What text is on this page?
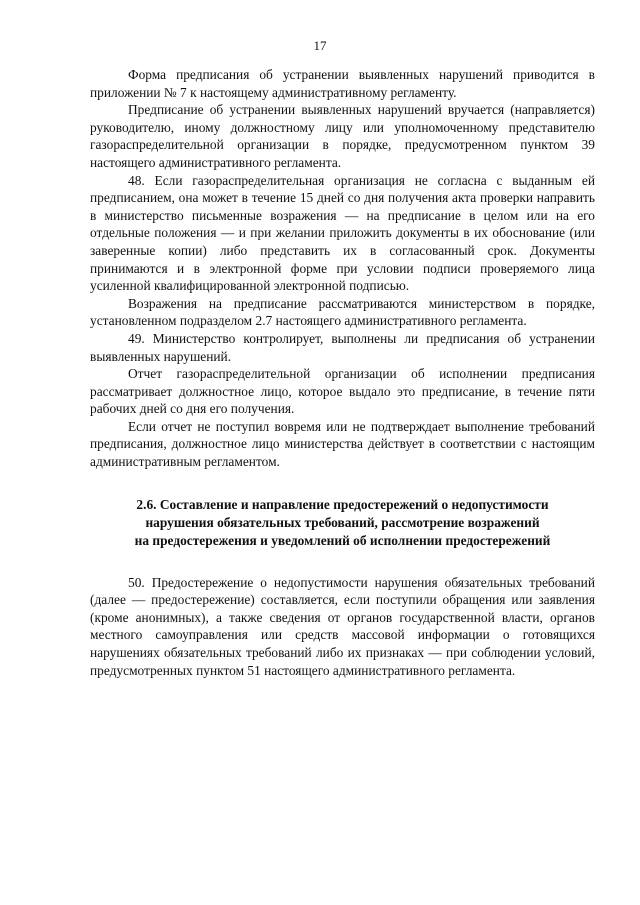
17

Форма предписания об устранении выявленных нарушений приводится в приложении № 7 к настоящему административному регламенту.

Предписание об устранении выявленных нарушений вручается (направляется) руководителю, иному должностному лицу или уполномоченному представителю газораспределительной организации в порядке, предусмотренном пунктом 39 настоящего административного регламента.

48. Если газораспределительная организация не согласна с выданным ей предписанием, она может в течение 15 дней со дня получения акта проверки направить в министерство письменные возражения — на предписание в целом или на его отдельные положения — и при желании приложить документы в их обоснование (или заверенные копии) либо представить их в согласованный срок. Документы принимаются и в электронной форме при условии подписи проверяемого лица усиленной квалифицированной электронной подписью.

Возражения на предписание рассматриваются министерством в порядке, установленном подразделом 2.7 настоящего административного регламента.

49. Министерство контролирует, выполнены ли предписания об устранении выявленных нарушений.

Отчет газораспределительной организации об исполнении предписания рассматривает должностное лицо, которое выдало это предписание, в течение пяти рабочих дней со дня его получения.

Если отчет не поступил вовремя или не подтверждает выполнение требований предписания, должностное лицо министерства действует в соответствии с настоящим административным регламентом.

2.6. Составление и направление предостережений о недопустимости
нарушения обязательных требований, рассмотрение возражений
на предостережения и уведомлений об исполнении предостережений

50. Предостережение о недопустимости нарушения обязательных требований (далее — предостережение) составляется, если поступили обращения или заявления (кроме анонимных), а также сведения от органов государственной власти, органов местного самоуправления или средств массовой информации о готовящихся нарушениях обязательных требований либо их признаках — при соблюдении условий, предусмотренных пунктом 51 настоящего административного регламента.
